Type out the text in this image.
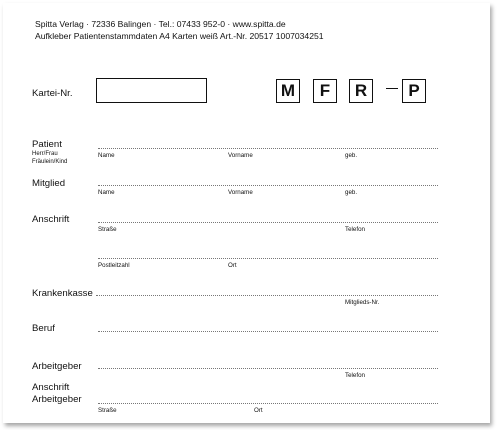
Spitta Verlag · 72336 Balingen · Tel.: 07433 952-0 · www.spitta.de
Aufkleber Patientenstammdaten A4 Karten weiß Art.-Nr. 20517 1007034251
Kartei-Nr.	M	F	R	P
Patient
Herr/Frau
Fräulein/Kind
Name	Vorname	geb.
Mitglied
Name	Vorname	geb.
Anschrift
Straße	Telefon
Postleitzahl	Ort
Krankenkasse
Mitglieds-Nr.
Beruf
Arbeitgeber
Telefon
Anschrift
Arbeitgeber
Straße	Ort
